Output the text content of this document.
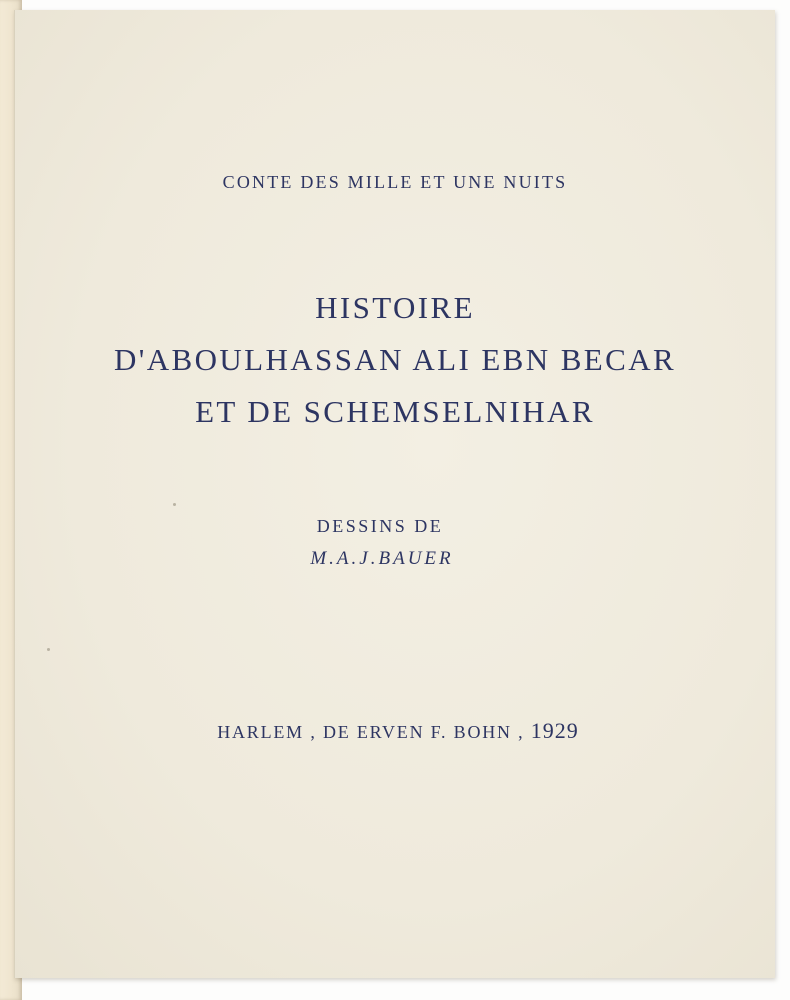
CONTE DES MILLE ET UNE NUITS

HISTOIRE
D'ABOULHASSAN ALI EBN BECAR
ET DE SCHEMSELNIHAR

DESSINS DE

M.A.J.BAUER

HARLEM , DE ERVEN F. BOHN , 1929
